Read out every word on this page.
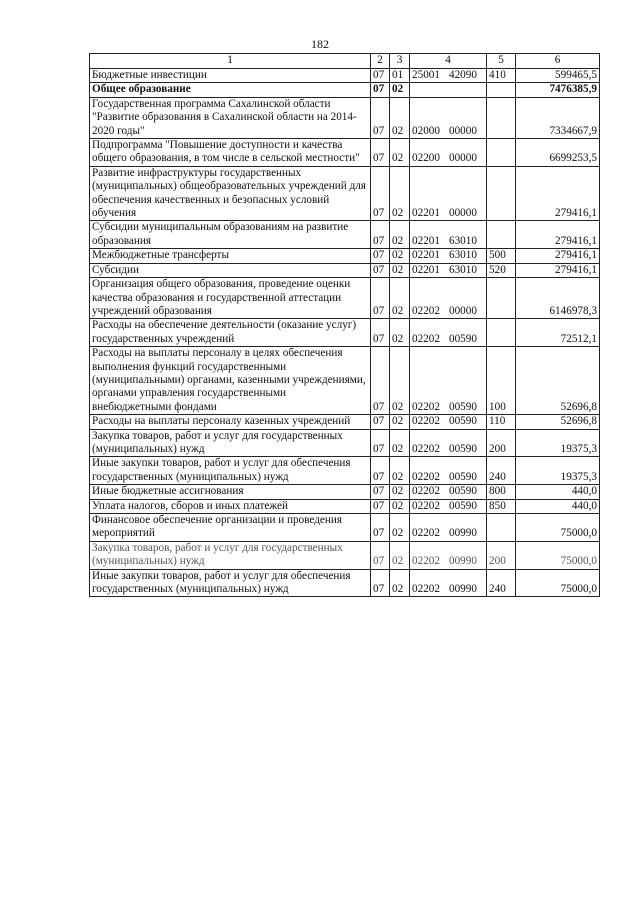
182
1	2	3	4	5	6
Бюджетные инвестиции	07	01	25001 42090	410	599465,5
Общее образование	07	02			7476385,9
Государственная программа Сахалинской области "Развитие образования в Сахалинской области на 2014-2020 годы"	07	02	02000 00000		7334667,9
Подпрограмма "Повышение доступности и качества общего образования, в том числе в сельской местности"	07	02	02200 00000		6699253,5
Развитие инфраструктуры государственных (муниципальных) общеобразовательных учреждений для обеспечения качественных и безопасных условий обучения	07	02	02201 00000		279416,1
Субсидии муниципальным образованиям на развитие образования	07	02	02201 63010		279416,1
Межбюджетные трансферты	07	02	02201 63010	500	279416,1
Субсидии	07	02	02201 63010	520	279416,1
Организация общего образования, проведение оценки качества образования и государственной аттестации учреждений образования	07	02	02202 00000		6146978,3
Расходы на обеспечение деятельности (оказание услуг) государственных учреждений	07	02	02202 00590		72512,1
Расходы на выплаты персоналу в целях обеспечения выполнения функций государственными (муниципальными) органами, казенными учреждениями, органами управления государственными внебюджетными фондами	07	02	02202 00590	100	52696,8
Расходы на выплаты персоналу казенных учреждений	07	02	02202 00590	110	52696,8
Закупка товаров, работ и услуг для государственных (муниципальных) нужд	07	02	02202 00590	200	19375,3
Иные закупки товаров, работ и услуг для обеспечения государственных (муниципальных) нужд	07	02	02202 00590	240	19375,3
Иные бюджетные ассигнования	07	02	02202 00590	800	440,0
Уплата налогов, сборов и иных платежей	07	02	02202 00590	850	440,0
Финансовое обеспечение организации и проведения мероприятий	07	02	02202 00990		75000,0
Закупка товаров, работ и услуг для государственных (муниципальных) нужд	07	02	02202 00990	200	75000,0
Иные закупки товаров, работ и услуг для обеспечения государственных (муниципальных) нужд	07	02	02202 00990	240	75000,0
